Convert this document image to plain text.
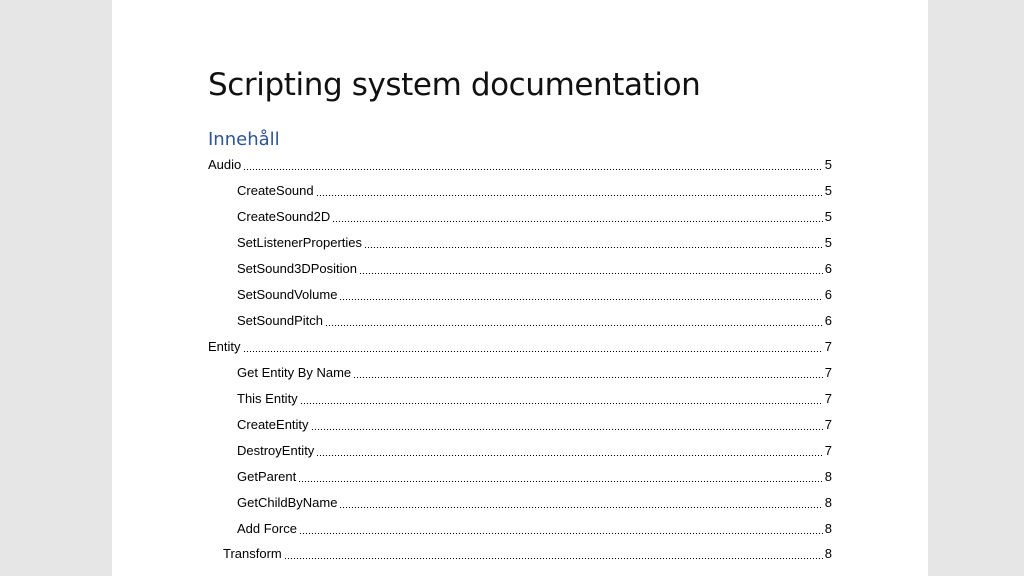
Scripting system documentation
Innehåll
Audio	5
CreateSound	5
CreateSound2D	5
SetListenerProperties	5
SetSound3DPosition	6
SetSoundVolume	6
SetSoundPitch	6
Entity	7
Get Entity By Name	7
This Entity	7
CreateEntity	7
DestroyEntity	7
GetParent	8
GetChildByName	8
Add Force	8
Transform	8
